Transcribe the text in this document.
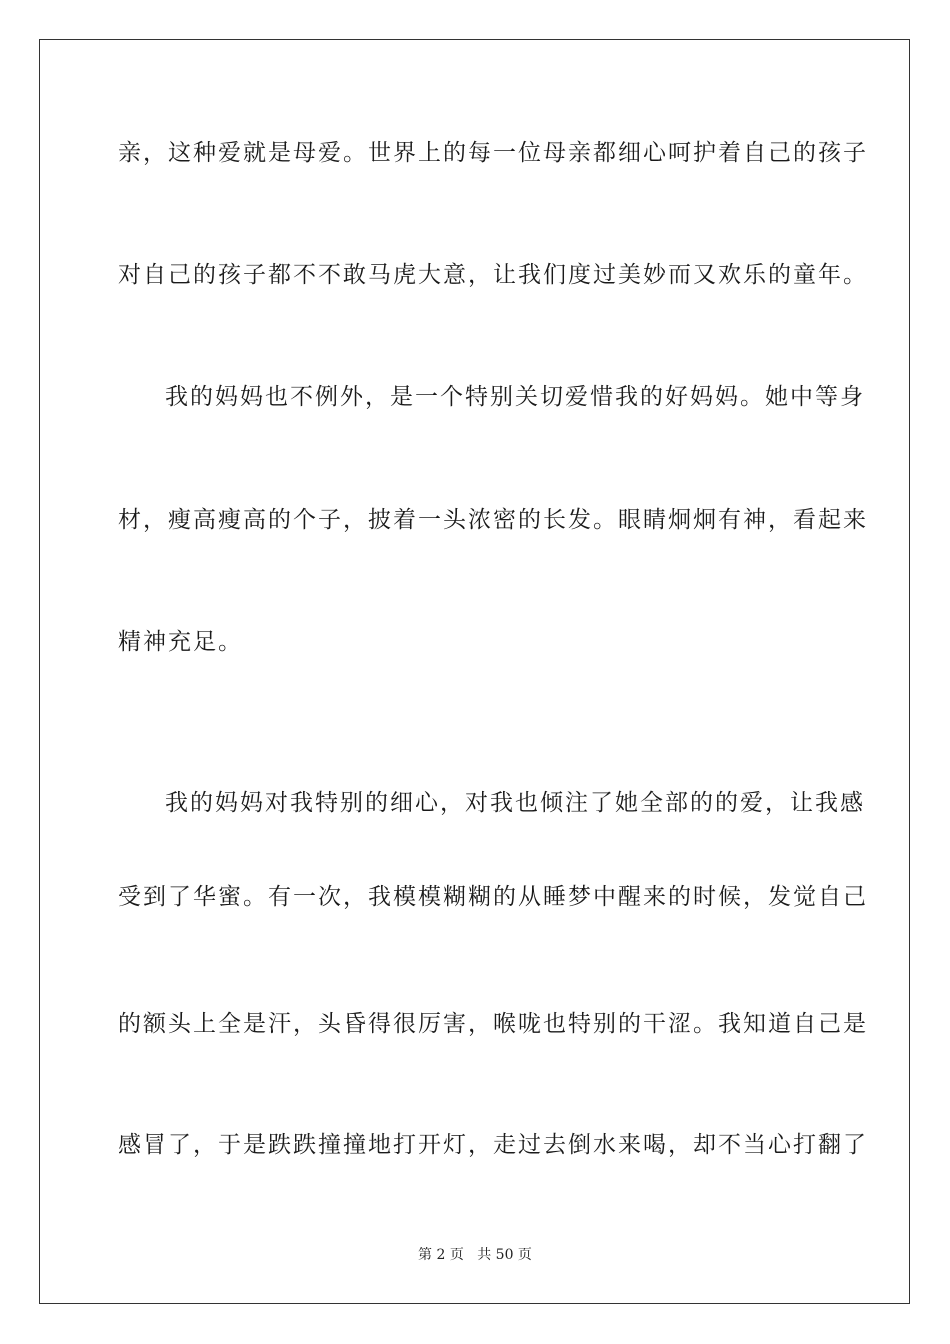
亲，这种爱就是母爱。世界上的每一位母亲都细心呵护着自己的孩子
对自己的孩子都不不敢马虎大意，让我们度过美妙而又欢乐的童年。
我的妈妈也不例外，是一个特别关切爱惜我的好妈妈。她中等身
材，瘦高瘦高的个子，披着一头浓密的长发。眼睛炯炯有神，看起来
精神充足。
我的妈妈对我特别的细心，对我也倾注了她全部的的爱，让我感
受到了华蜜。有一次，我模模糊糊的从睡梦中醒来的时候，发觉自己
的额头上全是汗，头昏得很厉害，喉咙也特别的干涩。我知道自己是
感冒了，于是跌跌撞撞地打开灯，走过去倒水来喝，却不当心打翻了
第 2 页 共 50 页
